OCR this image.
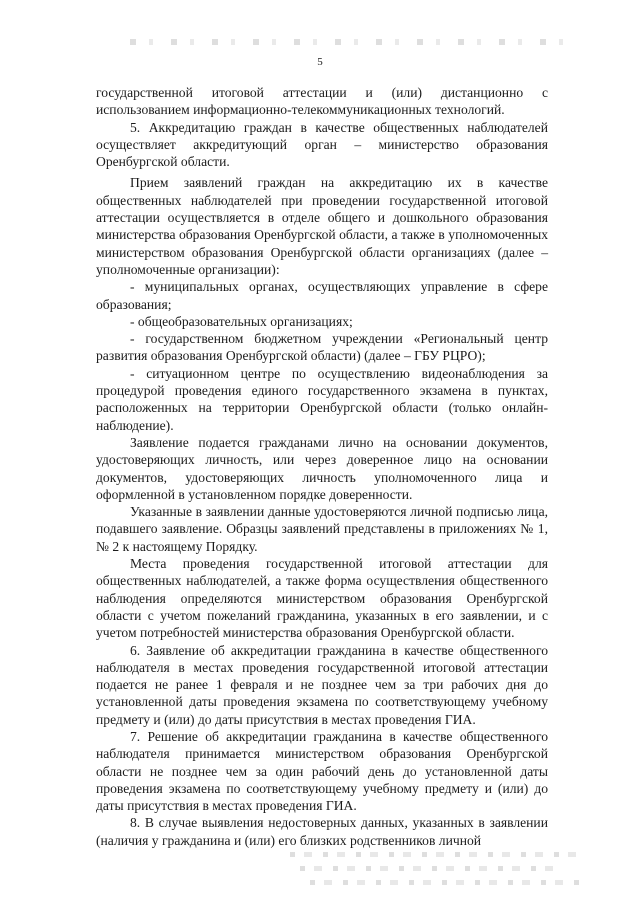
5

государственной итоговой аттестации и (или) дистанционно с использованием информационно-телекоммуникационных технологий.

5. Аккредитацию граждан в качестве общественных наблюдателей осуществляет аккредитующий орган – министерство образования Оренбургской области.

Прием заявлений граждан на аккредитацию их в качестве общественных наблюдателей при проведении государственной итоговой аттестации осуществляется в отделе общего и дошкольного образования министерства образования Оренбургской области, а также в уполномоченных министерством образования Оренбургской области организациях (далее – уполномоченные организации):

- муниципальных органах, осуществляющих управление в сфере образования;

- общеобразовательных организациях;

- государственном бюджетном учреждении «Региональный центр развития образования Оренбургской области) (далее – ГБУ РЦРО);

- ситуационном центре по осуществлению видеонаблюдения за процедурой проведения единого государственного экзамена в пунктах, расположенных на территории Оренбургской области (только онлайн-наблюдение).

Заявление подается гражданами лично на основании документов, удостоверяющих личность, или через доверенное лицо на основании документов, удостоверяющих личность уполномоченного лица и оформленной в установленном порядке доверенности.

Указанные в заявлении данные удостоверяются личной подписью лица, подавшего заявление. Образцы заявлений представлены в приложениях № 1, № 2 к настоящему Порядку.

Места проведения государственной итоговой аттестации для общественных наблюдателей, а также форма осуществления общественного наблюдения определяются министерством образования Оренбургской области с учетом пожеланий гражданина, указанных в его заявлении, и с учетом потребностей министерства образования Оренбургской области.

6. Заявление об аккредитации гражданина в качестве общественного наблюдателя в местах проведения государственной итоговой аттестации подается не ранее 1 февраля и не позднее чем за три рабочих дня до установленной даты проведения экзамена по соответствующему учебному предмету и (или) до даты присутствия в местах проведения ГИА.

7. Решение об аккредитации гражданина в качестве общественного наблюдателя принимается министерством образования Оренбургской области не позднее чем за один рабочий день до установленной даты проведения экзамена по соответствующему учебному предмету и (или) до даты присутствия в местах проведения ГИА.

8. В случае выявления недостоверных данных, указанных в заявлении (наличия у гражданина и (или) его близких родственников личной
